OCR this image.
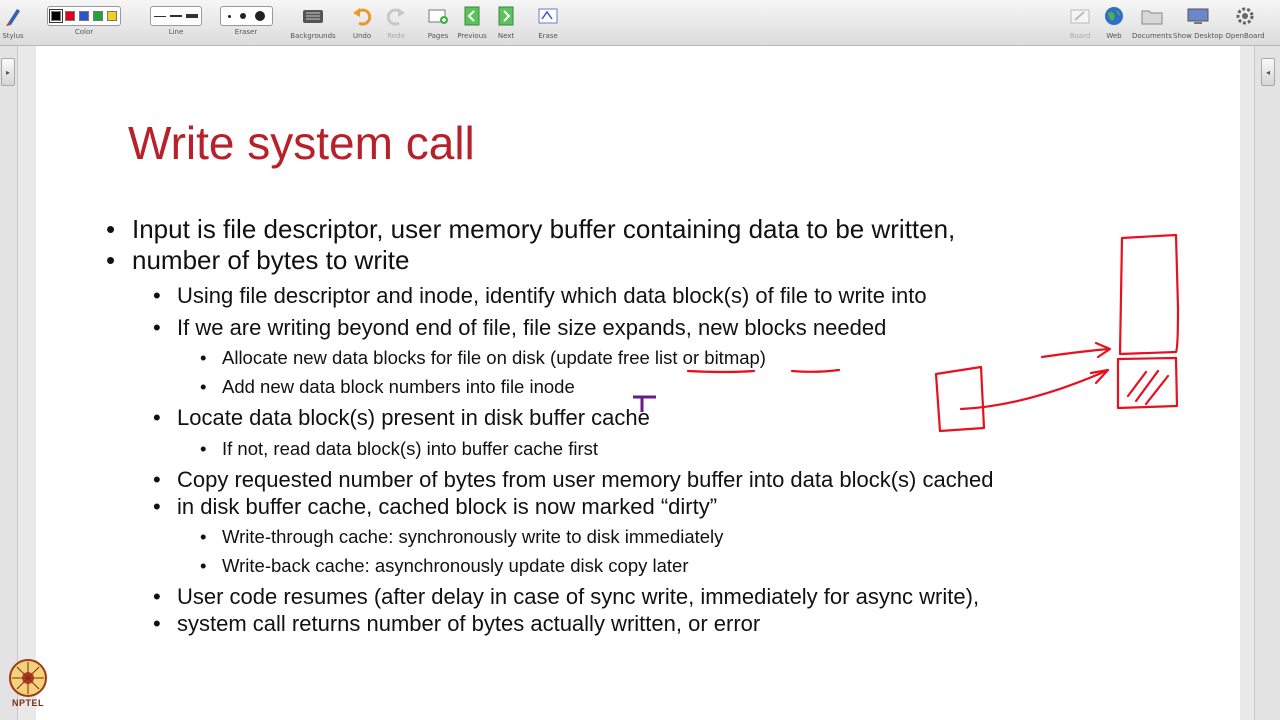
Stylus	Color	Line	Eraser	Backgrounds Undo Redo	Pages Previous Next	Erase	Board Web Documents Show Desktop OpenBoard
▸	◂
Write system call
• Input is file descriptor, user memory buffer containing data to be written,
• number of bytes to write
• Using file descriptor and inode, identify which data block(s) of file to write into
• If we are writing beyond end of file, file size expands, new blocks needed
• Allocate new data blocks for file on disk (update free list or bitmap)
• Add new data block numbers into file inode
• Locate data block(s) present in disk buffer cache
• If not, read data block(s) into buffer cache first
• Copy requested number of bytes from user memory buffer into data block(s) cached
• in disk buffer cache, cached block is now marked “dirty”
• Write-through cache: synchronously write to disk immediately
• Write-back cache: asynchronously update disk copy later
• User code resumes (after delay in case of sync write, immediately for async write),
• system call returns number of bytes actually written, or error
NPTEL
